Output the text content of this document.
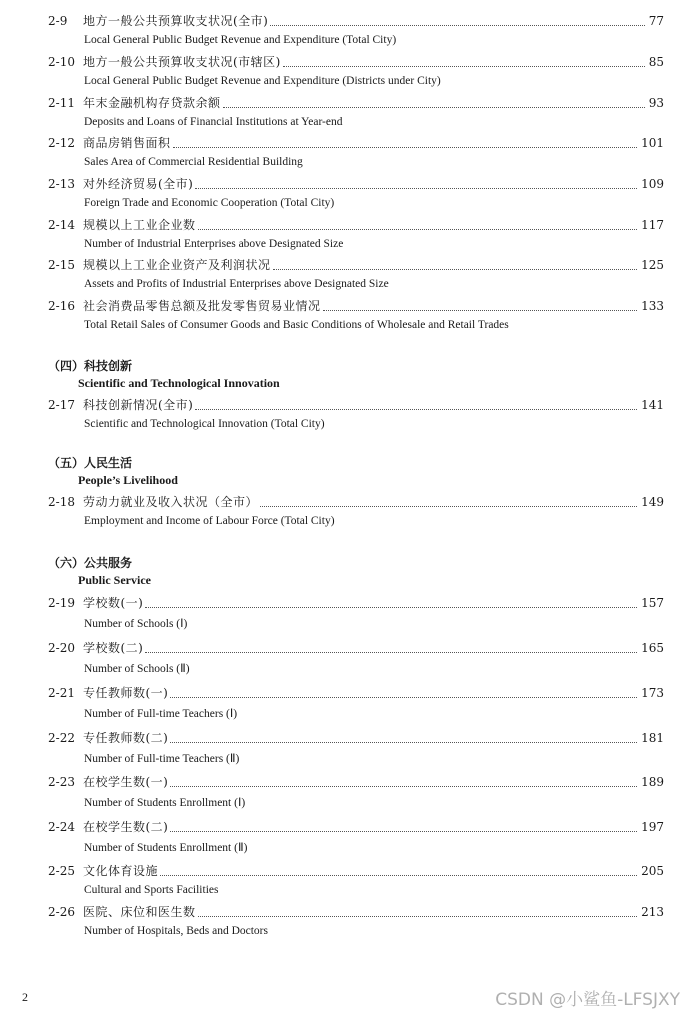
2-9	地方一般公共预算收支状况(全市)	77
Local General Public Budget Revenue and Expenditure (Total City)
2-10 地方一般公共预算收支状况(市辖区)	85
Local General Public Budget Revenue and Expenditure (Districts under City)
2-11 年末金融机构存贷款余额	93
Deposits and Loans of Financial Institutions at Year-end
2-12 商品房销售面积	101
Sales Area of Commercial Residential Building
2-13 对外经济贸易(全市)	109
Foreign Trade and Economic Cooperation (Total City)
2-14 规模以上工业企业数	117
Number of Industrial Enterprises above Designated Size
2-15 规模以上工业企业资产及利润状况	125
Assets and Profits of Industrial Enterprises above Designated Size
2-16 社会消费品零售总额及批发零售贸易业情况	133
Total Retail Sales of Consumer Goods and Basic Conditions of Wholesale and Retail Trades
（四）科技创新
Scientific and Technological Innovation
2-17 科技创新情况(全市)	141
Scientific and Technological Innovation (Total City)
（五）人民生活
People’s Livelihood
2-18 劳动力就业及收入状况（全市）	149
Employment and Income of Labour Force (Total City)
（六）公共服务
Public Service
2-19 学校数(一)	157
Number of Schools (Ⅰ)
2-20 学校数(二)	165
Number of Schools (Ⅱ)
2-21 专任教师数(一)	173
Number of Full-time Teachers (Ⅰ)
2-22 专任教师数(二)	181
Number of Full-time Teachers (Ⅱ)
2-23 在校学生数(一)	189
Number of Students Enrollment (Ⅰ)
2-24 在校学生数(二)	197
Number of Students Enrollment (Ⅱ)
2-25 文化体育设施	205
Cultural and Sports Facilities
2-26 医院、床位和医生数	213
Number of Hospitals, Beds and Doctors
2	CSDN @小鲨鱼-LFSJXY
